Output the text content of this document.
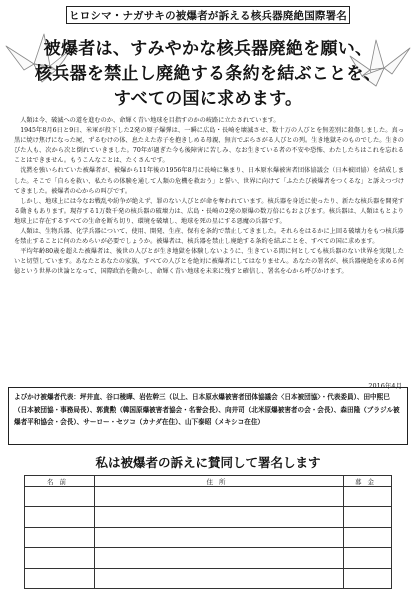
ヒロシマ・ナガサキの被爆者が訴える核兵器廃絶国際署名
被爆者は、すみやかな核兵器廃絶を願い、
核兵器を禁止し廃絶する条約を結ぶことを、
すべての国に求めます。

人類は今、破滅への道を進むのか、命輝く青い地球を目指すのかの岐路に立たされています。

1945年8月6日と9日、米軍が投下した2発の原子爆弾は、一瞬に広島・長崎を壊滅させ、数十万の人びとを無差別に殺傷しました。真っ黒に焼け焦げになった屍、ずるむけの体、息たえた赤子を抱きしめる母親、無言でぶらさがる人びとの列。生き地獄そのものでした。生きのびた人も、次から次と倒れていきました。70年が過ぎた今も後障害に苦しみ、なお生きている者の不安や恐怖、わたしたちはこれを忘れることはできません。もうこんなことは、たくさんです。

沈黙を強いられていた被爆者が、被爆から11年後の1956年8月に長崎に集まり、日本原水爆被害者団体協議会（日本被団協）を結成しました。そこで「自らを救い、私たちの体験を通して人類の危機を救おう」と誓い、世界に向けて「ふたたび被爆者をつくるな」と訴えつづけてきました。被爆者の心からの叫びです。

しかし、地球上には今なお戦乱や紛争が絶えず、罪のない人びとが命を奪われています。核兵器を身近に使ったり、新たな核兵器を開発する動きもあります。現存する1万数千発の核兵器の破壊力は、広島・長崎の2発の原爆の数万倍にもおよびます。核兵器は、人類はもとより地球上に存在するすべての生命を断ち切り、環境を破壊し、地球を死の星にする悪魔の兵器です。

人類は、生物兵器、化学兵器について、使用、開発、生産、保有を条約で禁止してきました。それらをはるかに上回る破壊力をもつ核兵器を禁止することに何のためらいが必要でしょうか。被爆者は、核兵器を禁止し廃絶する条約を結ぶことを、すべての国に求めます。

平均年齢80歳を超えた被爆者は、後世の人びとが生き地獄を体験しないように、生きている間に何としても核兵器のない世界を実現したいと切望しています。あなたとあなたの家族、すべての人びとを絶対に被爆者にしてはなりません。あなたの署名が、核兵器廃絶を求める何億という世界の世論となって、国際政治を動かし、命輝く青い地球を未来に残すと確信し、署名を心から呼びかけます。

2016年4月
よびかけ被爆者代表：坪井直、谷口稜曄、岩佐幹三（以上、日本原水爆被害者団体協議会〈日本被団協〉・代表委員）、田中熙巳（日本被団協・事務局長）、郭貴勲（韓国原爆被害者協会・名誉会長）、向井司（北米原爆被害者の会・会長）、森田隆（ブラジル被爆者平和協会・会長）、サーロー・セツコ（カナダ在住）、山下泰昭（メキシコ在住）
私は被爆者の訴えに賛同して署名します
名前	住所	募金
